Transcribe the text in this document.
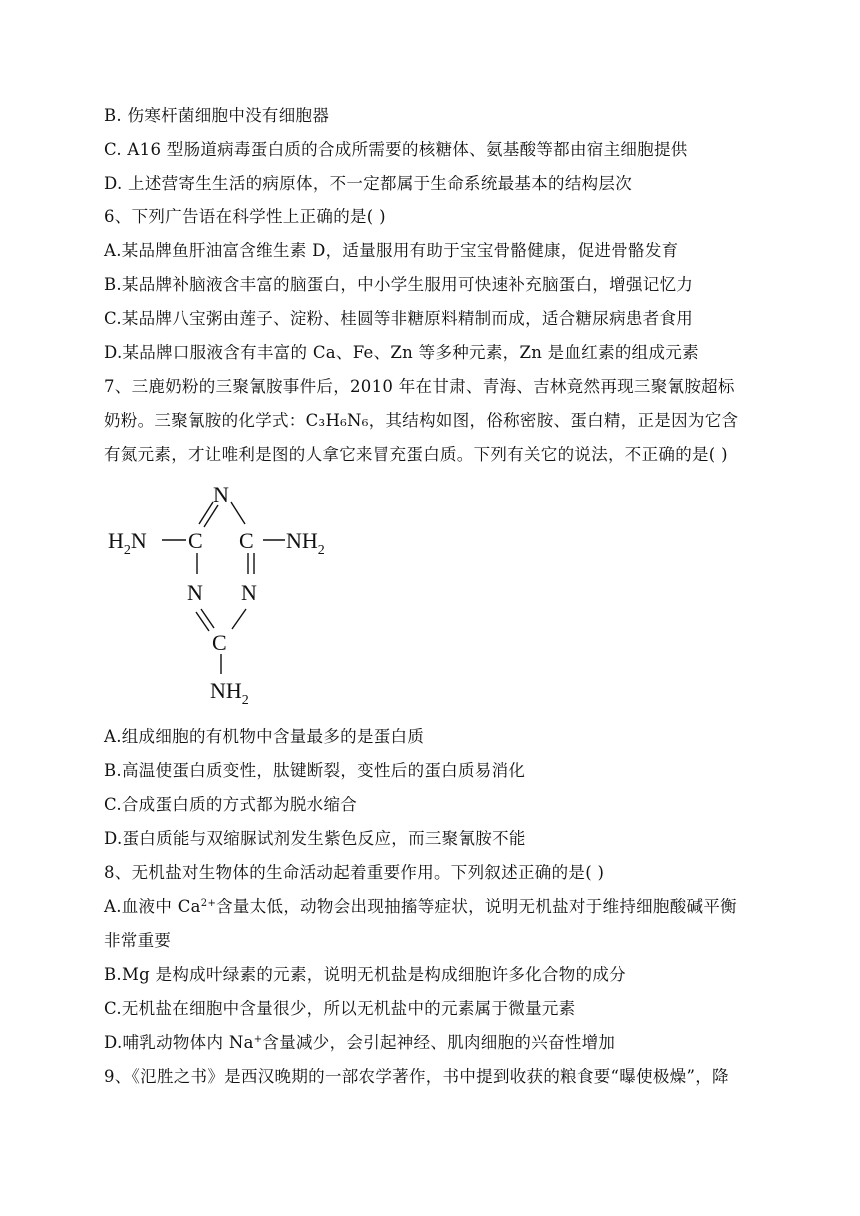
B. 伤寒杆菌细胞中没有细胞器
C. A16 型肠道病毒蛋白质的合成所需要的核糖体、氨基酸等都由宿主细胞提供
D. 上述营寄生生活的病原体，不一定都属于生命系统最基本的结构层次
6、下列广告语在科学性上正确的是( )
A.某品牌鱼肝油富含维生素 D，适量服用有助于宝宝骨骼健康，促进骨骼发育
B.某品牌补脑液含丰富的脑蛋白，中小学生服用可快速补充脑蛋白，增强记忆力
C.某品牌八宝粥由莲子、淀粉、桂圆等非糖原料精制而成，适合糖尿病患者食用
D.某品牌口服液含有丰富的 Ca、Fe、Zn 等多种元素，Zn 是血红素的组成元素
7、三鹿奶粉的三聚氰胺事件后，2010 年在甘肃、青海、吉林竟然再现三聚氰胺超标
奶粉。三聚氰胺的化学式：C₃H₆N₆，其结构如图，俗称密胺、蛋白精，正是因为它含
有氮元素，才让唯利是图的人拿它来冒充蛋白质。下列有关它的说法，不正确的是( )
N
C C
N N
C
$H_2N$	$NH_2$
$NH_2$
A.组成细胞的有机物中含量最多的是蛋白质
B.高温使蛋白质变性，肽键断裂，变性后的蛋白质易消化
C.合成蛋白质的方式都为脱水缩合
D.蛋白质能与双缩脲试剂发生紫色反应，而三聚氰胺不能
8、无机盐对生物体的生命活动起着重要作用。下列叙述正确的是( )
A.血液中 $Ca^{2+}$含量太低，动物会出现抽搐等症状，说明无机盐对于维持细胞酸碱平衡
非常重要
B.Mg 是构成叶绿素的元素，说明无机盐是构成细胞许多化合物的成分
C.无机盐在细胞中含量很少，所以无机盐中的元素属于微量元素
D.哺乳动物体内 Na+含量减少，会引起神经、肌肉细胞的兴奋性增加
9、《氾胜之书》是西汉晚期的一部农学著作，书中提到收获的粮食要“曝使极燥”，降
